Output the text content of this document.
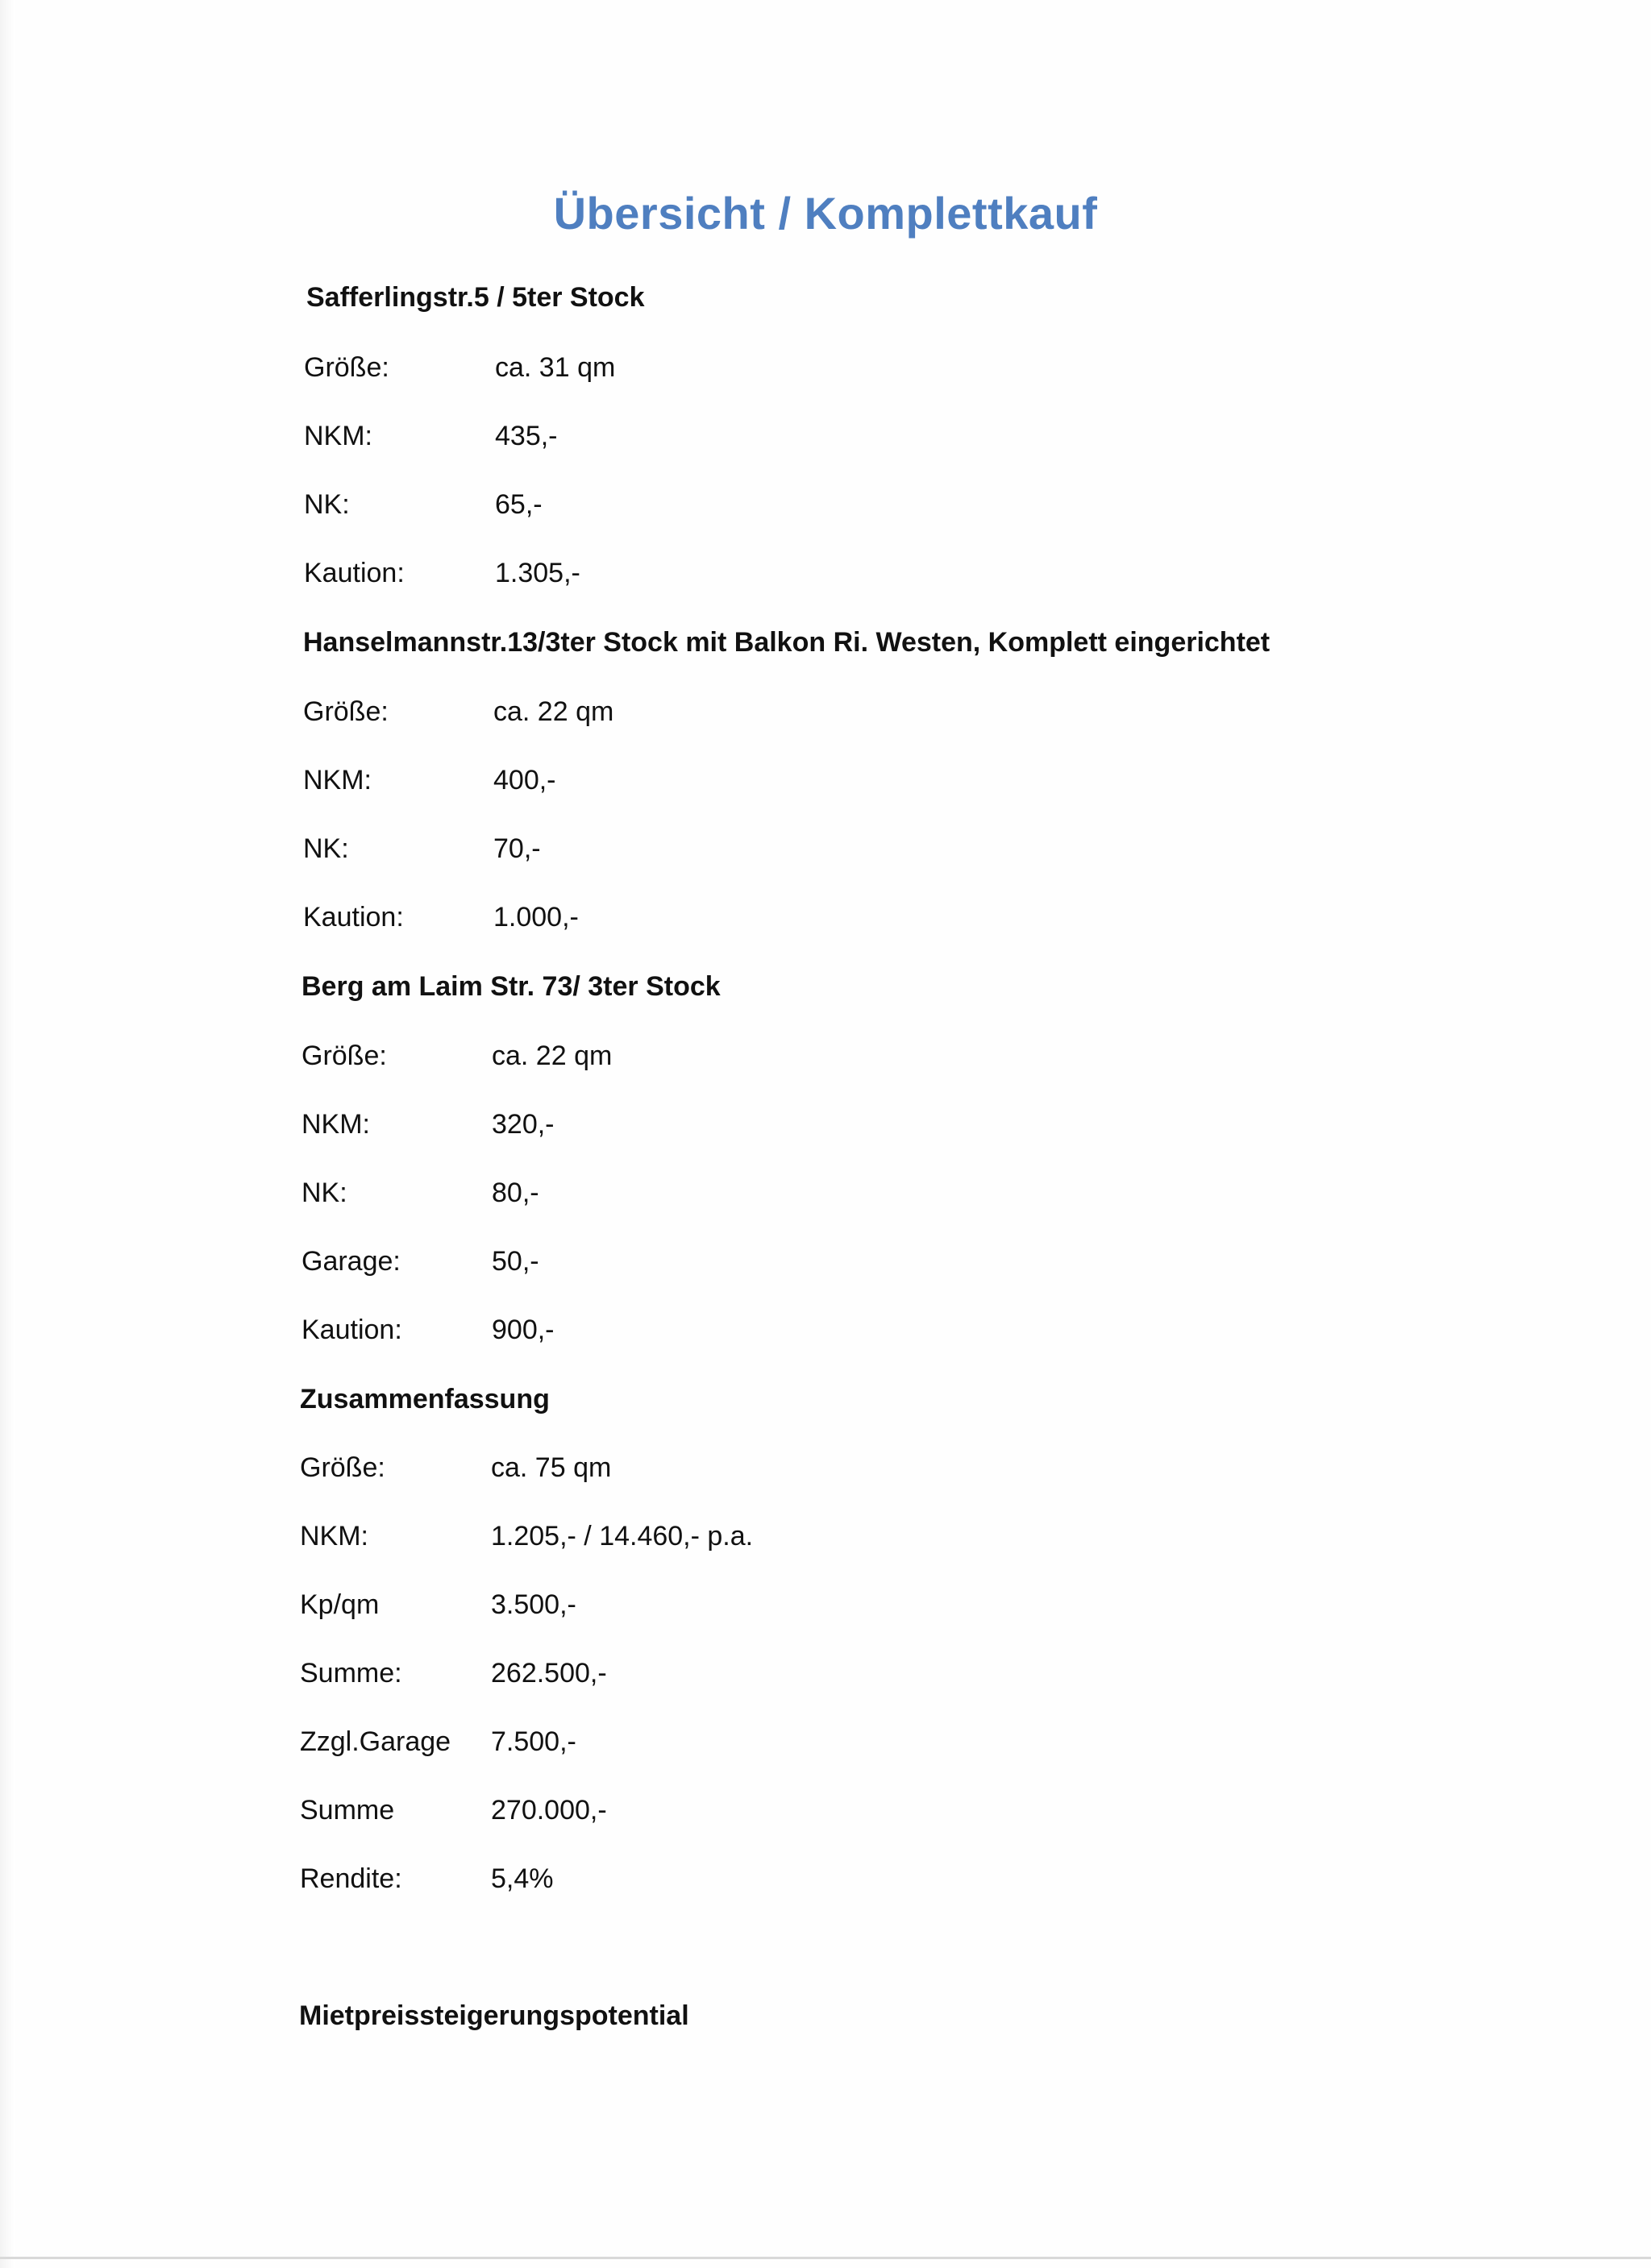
Übersicht / Komplettkauf
Safferlingstr.5 / 5ter Stock
Größe:	ca. 31 qm
NKM:	435,-
NK:	65,-
Kaution:	1.305,-
Hanselmannstr.13/3ter Stock mit Balkon Ri. Westen, Komplett eingerichtet
Größe:	ca. 22 qm
NKM:	400,-
NK:	70,-
Kaution:	1.000,-
Berg am Laim Str. 73/ 3ter Stock
Größe:	ca. 22 qm
NKM:	320,-
NK:	80,-
Garage:	50,-
Kaution:	900,-
Zusammenfassung
Größe:	ca. 75 qm
NKM:	1.205,- / 14.460,- p.a.
Kp/qm	3.500,-
Summe:	262.500,-
Zzgl.Garage 7.500,-
Summe	270.000,-
Rendite:	5,4%
Mietpreissteigerungspotential
